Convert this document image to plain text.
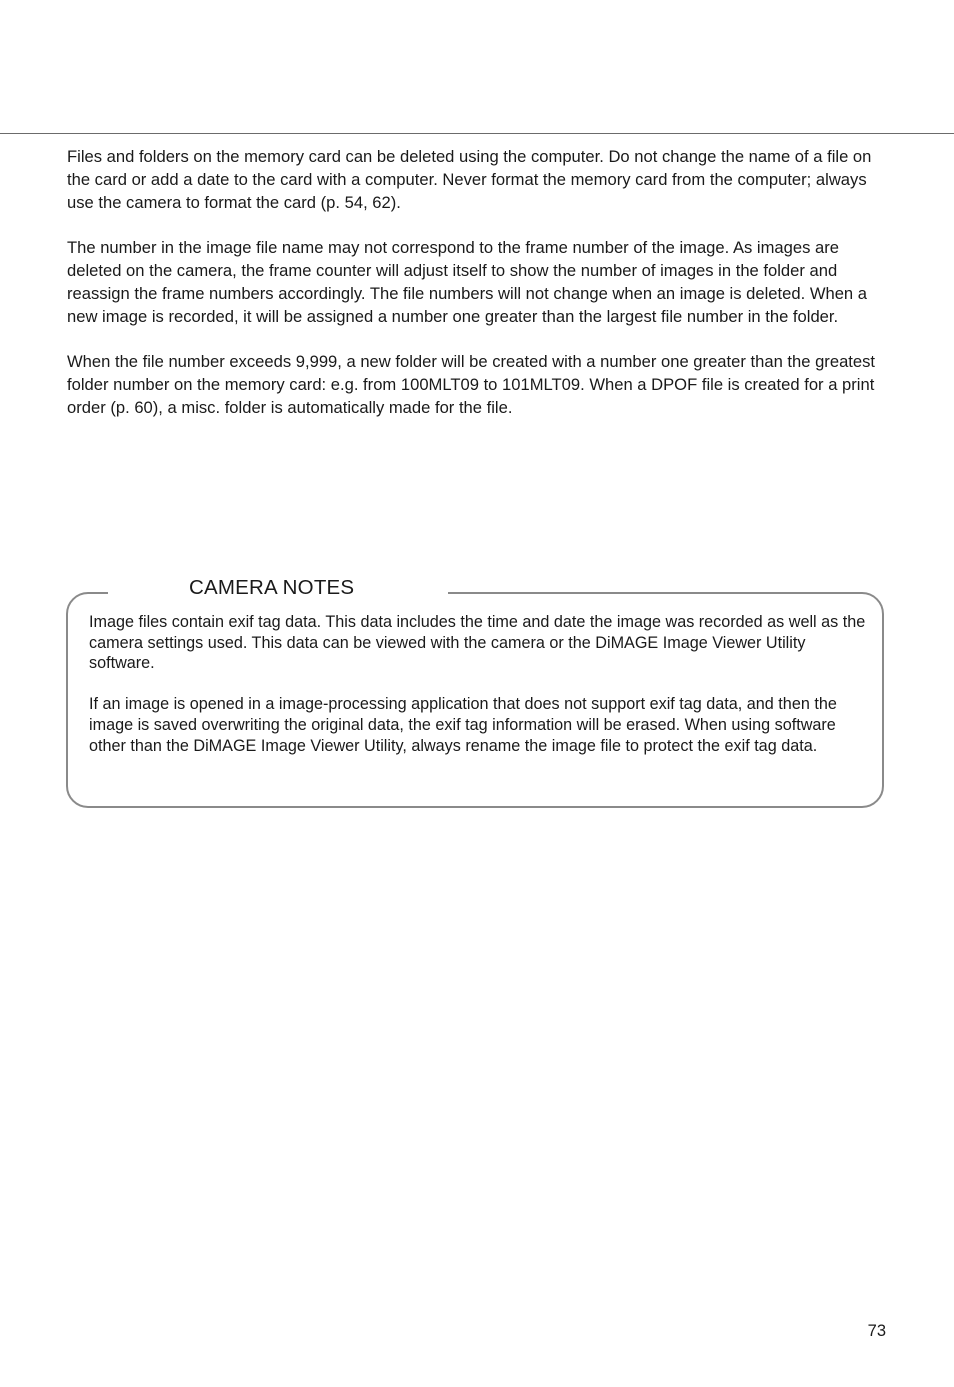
Files and folders on the memory card can be deleted using the computer. Do not change the name of a file on the card or add a date to the card with a computer. Never format the memory card from the computer; always use the camera to format the card (p. 54, 62).

The number in the image file name may not correspond to the frame number of the image. As images are deleted on the camera, the frame counter will adjust itself to show the number of images in the folder and reassign the frame numbers accordingly. The file numbers will not change when an image is deleted. When a new image is recorded, it will be assigned a number one greater than the largest file number in the folder.

When the file number exceeds 9,999, a new folder will be created with a number one greater than the greatest folder number on the memory card: e.g. from 100MLT09 to 101MLT09. When a DPOF file is created for a print order (p. 60), a misc. folder is automatically made for the file.

CAMERA NOTES

Image files contain exif tag data. This data includes the time and date the image was recorded as well as the camera settings used. This data can be viewed with the camera or the DiMAGE Image Viewer Utility software.

If an image is opened in a image-processing application that does not support exif tag data, and then the image is saved overwriting the original data, the exif tag information will be erased. When using software other than the DiMAGE Image Viewer Utility, always rename the image file to protect the exif tag data.

73
